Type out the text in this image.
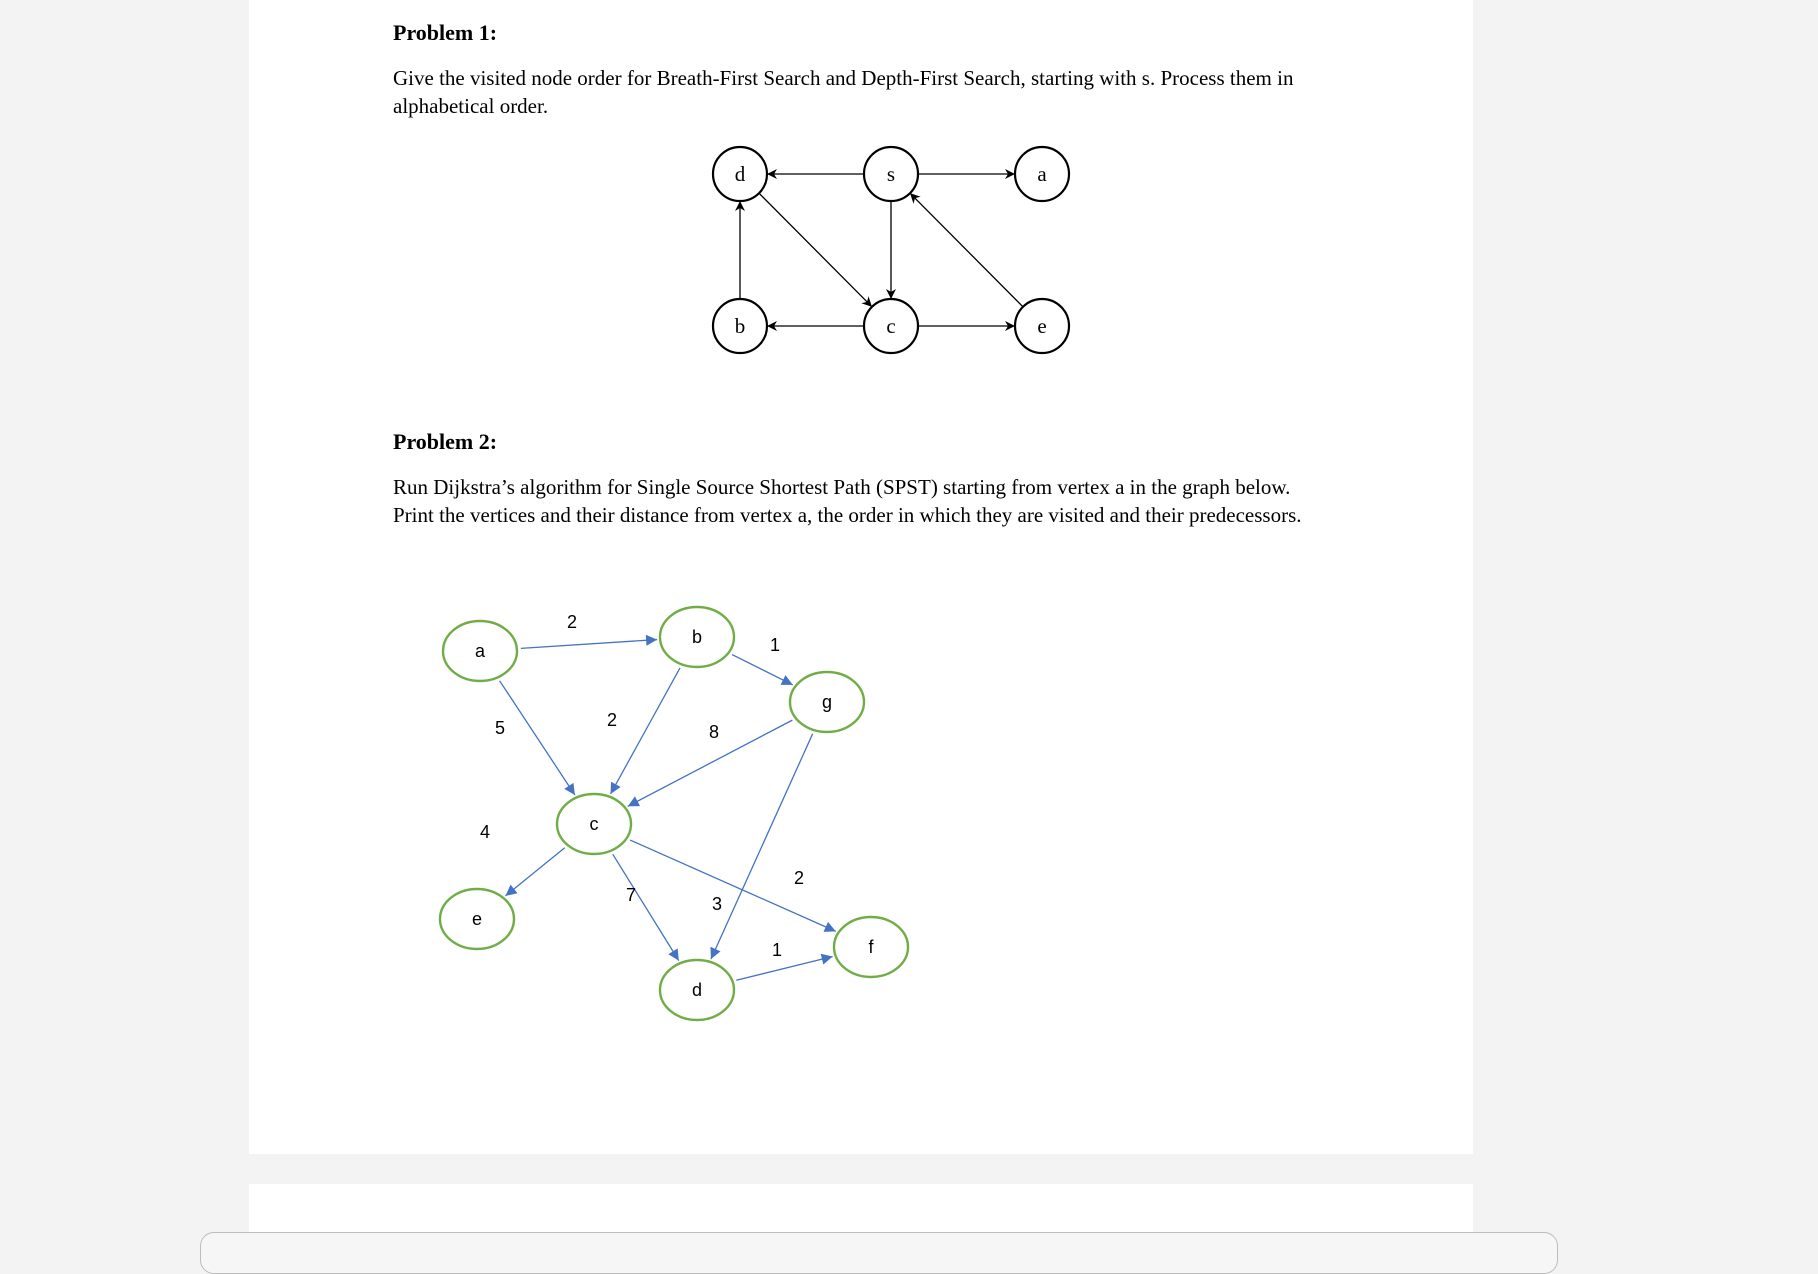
Problem 1:
Give the visited node order for Breath-First Search and Depth-First Search, starting with s. Process them in alphabetical order.
d	s	a
b	c	e
2
1
5	2
8
4
7	3
2
1
a
b
g
c
e
d
f
Problem 2:
Run Dijkstra’s algorithm for Single Source Shortest Path (SPST) starting from vertex a in the graph below. Print the vertices and their distance from vertex a, the order in which they are visited and their predecessors.
